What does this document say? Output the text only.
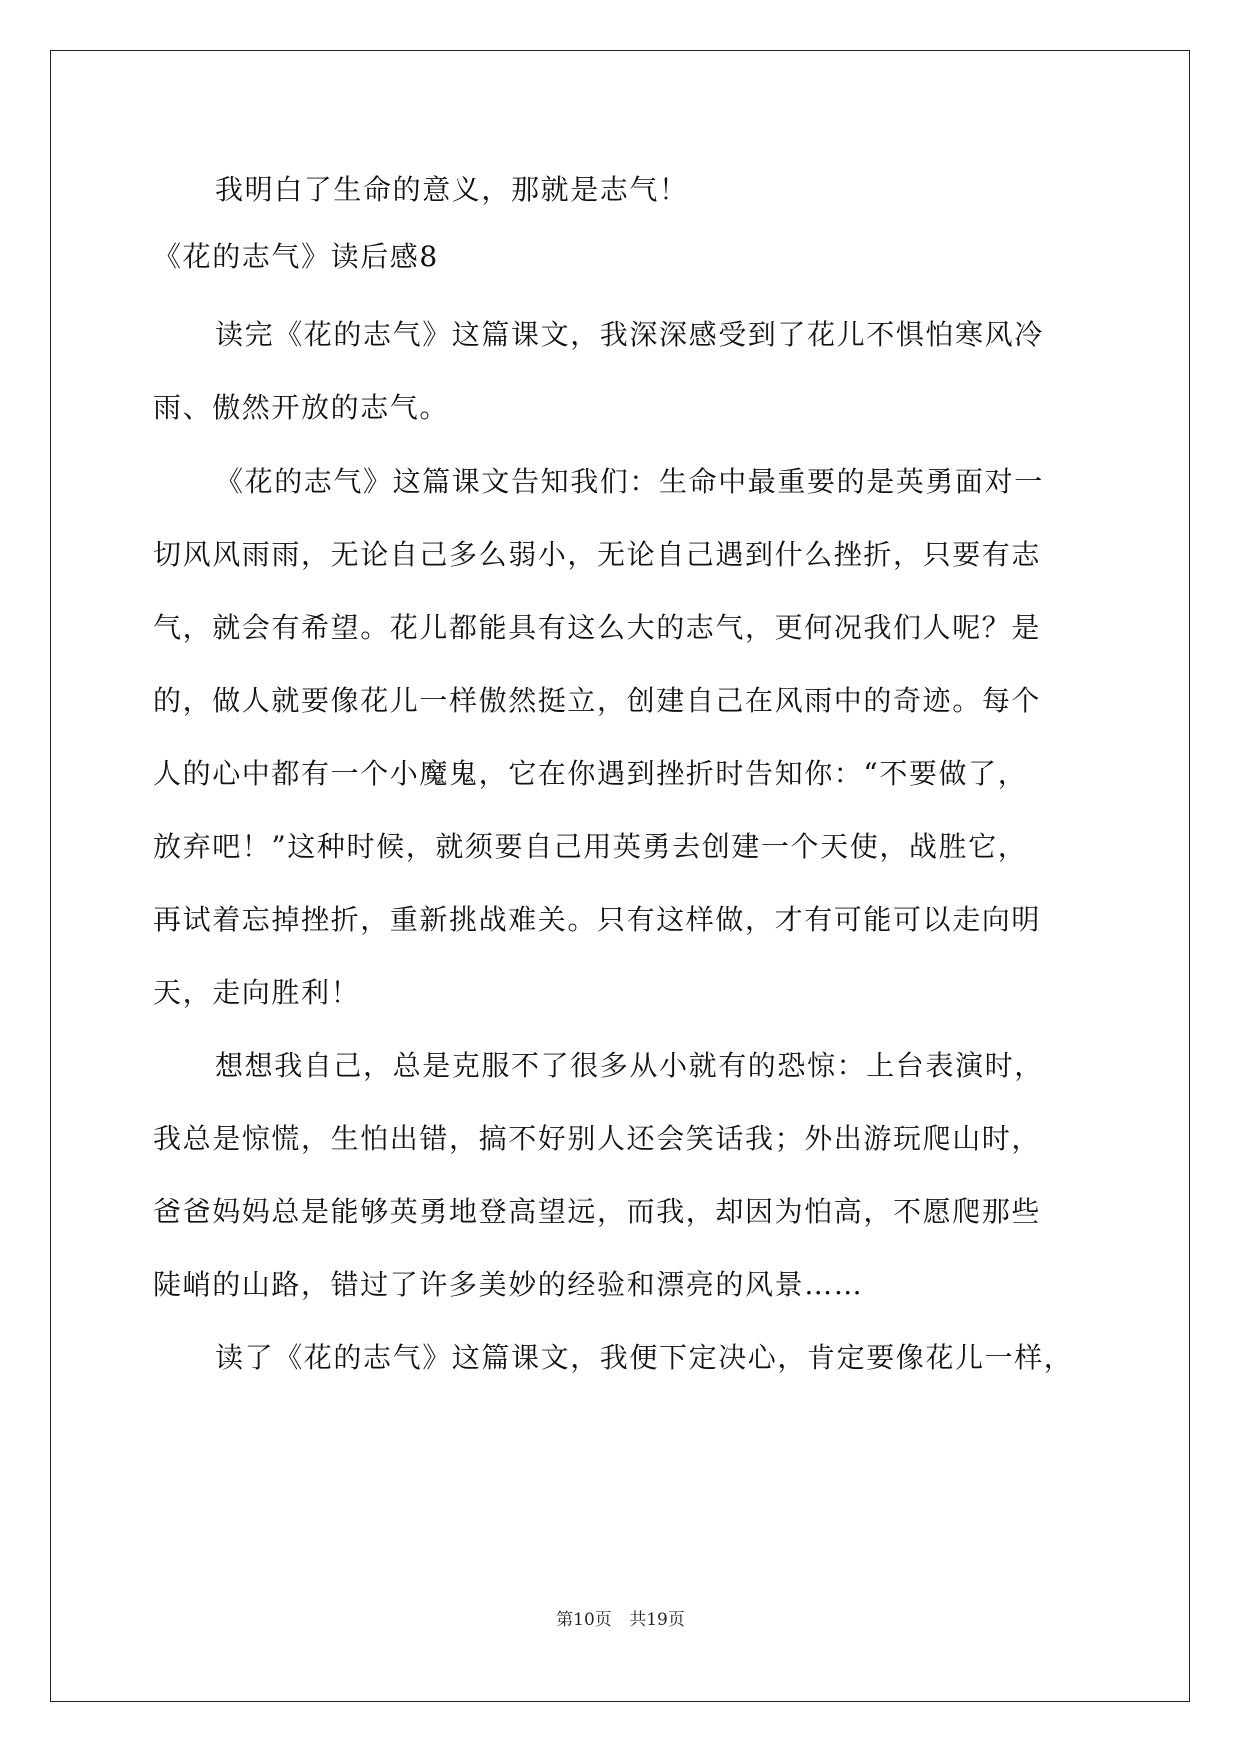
我明白了生命的意义，那就是志气！
《花的志气》读后感8
读完《花的志气》这篇课文，我深深感受到了花儿不惧怕寒风冷
雨、傲然开放的志气。
《花的志气》这篇课文告知我们：生命中最重要的是英勇面对一
切风风雨雨，无论自己多么弱小，无论自己遇到什么挫折，只要有志
气，就会有希望。花儿都能具有这么大的志气，更何况我们人呢？是
的，做人就要像花儿一样傲然挺立，创建自己在风雨中的奇迹。每个
人的心中都有一个小魔鬼，它在你遇到挫折时告知你：“不要做了，
放弃吧！”这种时候，就须要自己用英勇去创建一个天使，战胜它，
再试着忘掉挫折，重新挑战难关。只有这样做，才有可能可以走向明
天，走向胜利！
想想我自己，总是克服不了很多从小就有的恐惊：上台表演时，
我总是惊慌，生怕出错，搞不好别人还会笑话我；外出游玩爬山时，
爸爸妈妈总是能够英勇地登高望远，而我，却因为怕高，不愿爬那些
陡峭的山路，错过了许多美妙的经验和漂亮的风景……
读了《花的志气》这篇课文，我便下定决心，肯定要像花儿一样，
第10页 共19页
